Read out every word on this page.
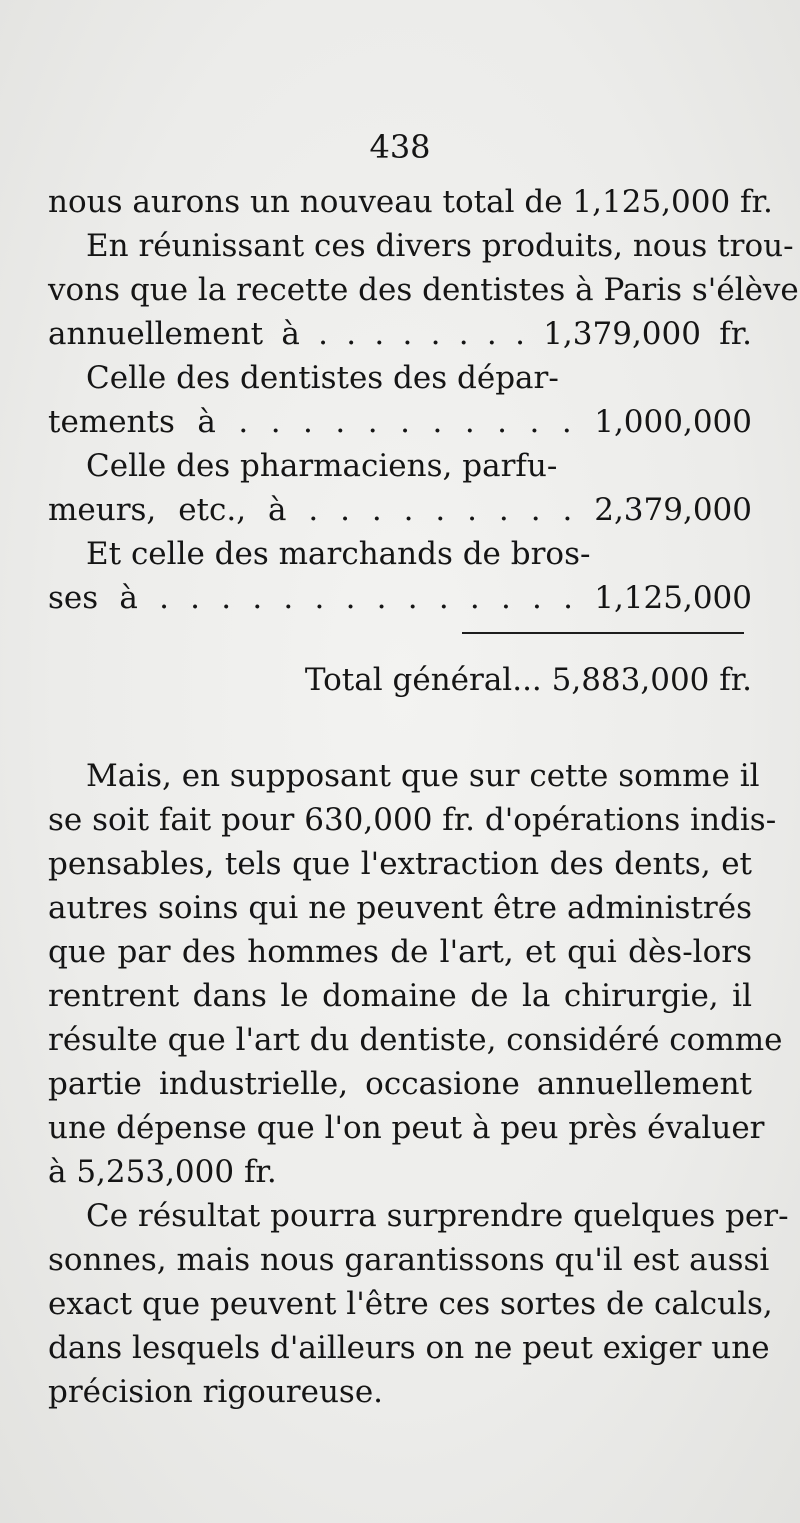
438
nous aurons un nouveau total de 1,125,000 fr.
En réunissant ces divers produits, nous trou-
vons que la recette des dentistes à Paris s'élève
annuellement à . . . . . . . . 1,379,000 fr.
Celle des dentistes des dépar-
tements à . . . . . . . . . . . 1,000,000
Celle des pharmaciens, parfu-
meurs, etc., à . . . . . . . . . 2,379,000
Et celle des marchands de bros-
ses à . . . . . . . . . . . . . . 1,125,000
Total général... 5,883,000 fr.
Mais, en supposant que sur cette somme il
se soit fait pour 630,000 fr. d'opérations indis-
pensables, tels que l'extraction des dents, et
autres soins qui ne peuvent être administrés
que par des hommes de l'art, et qui dès-lors
rentrent dans le domaine de la chirurgie, il
résulte que l'art du dentiste, considéré comme
partie industrielle, occasione annuellement
une dépense que l'on peut à peu près évaluer
à 5,253,000 fr.
Ce résultat pourra surprendre quelques per-
sonnes, mais nous garantissons qu'il est aussi
exact que peuvent l'être ces sortes de calculs,
dans lesquels d'ailleurs on ne peut exiger une
précision rigoureuse.
